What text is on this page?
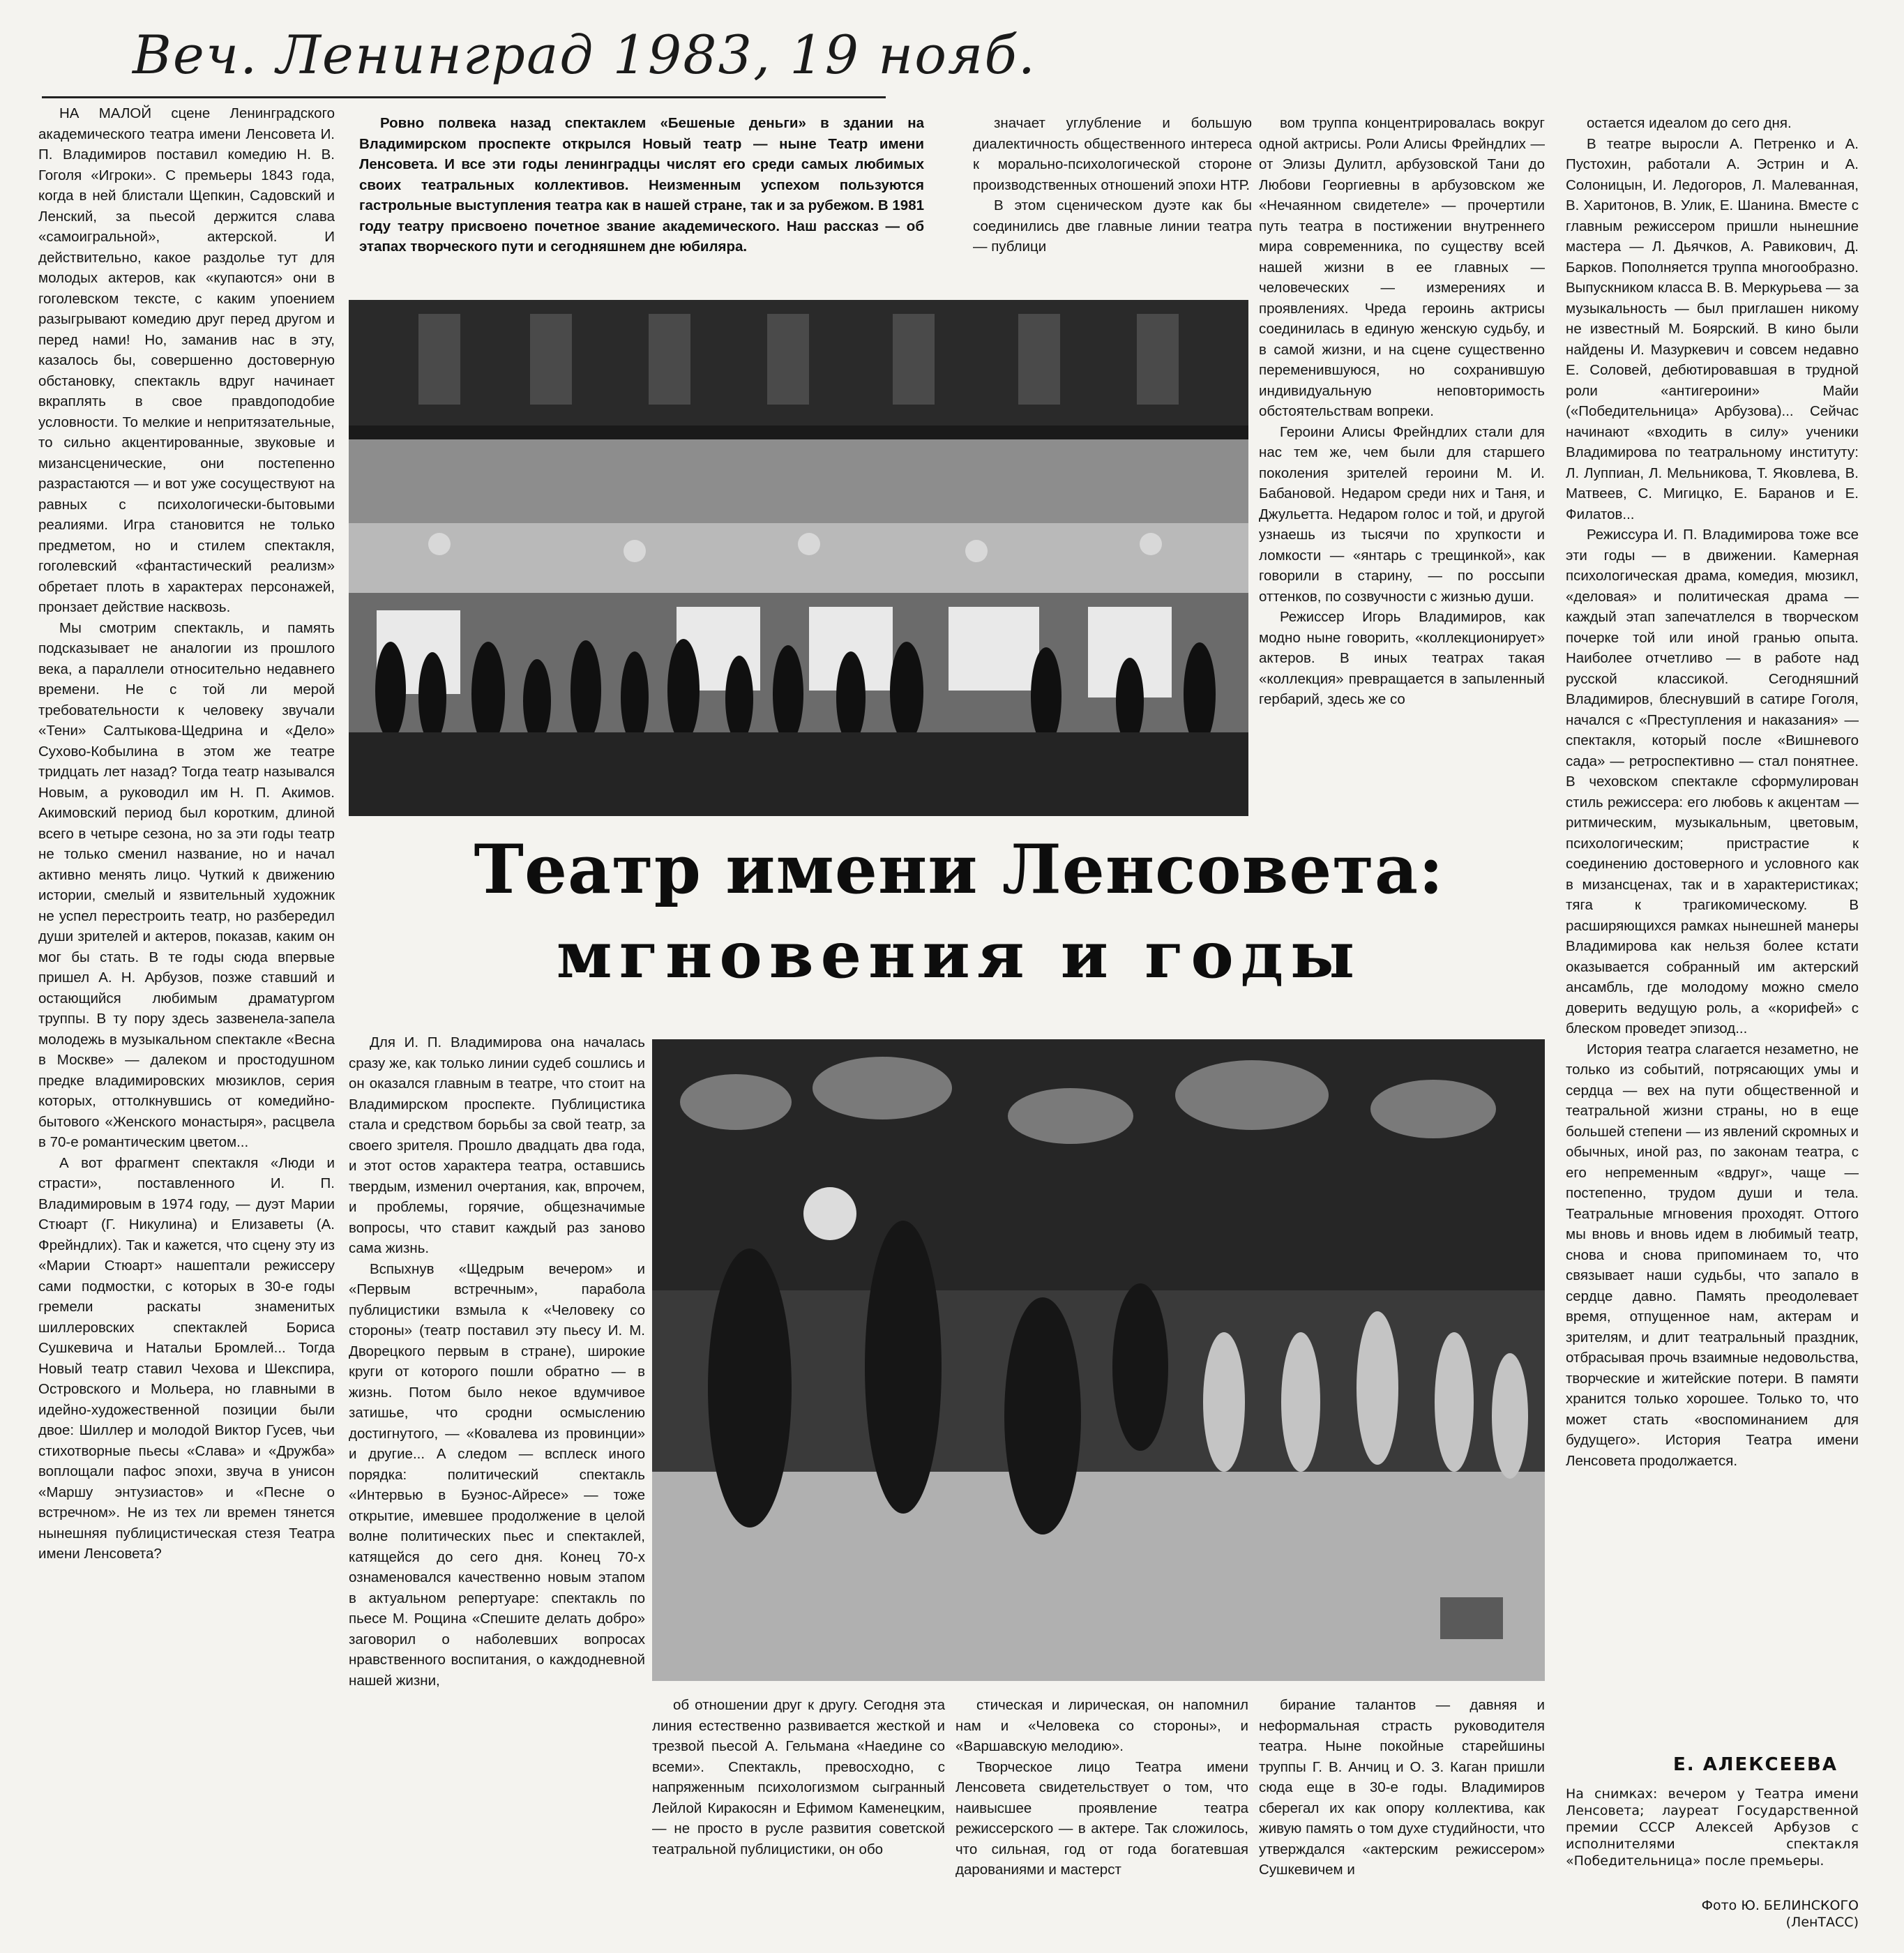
Веч. Ленинград 1983, 19 нояб.

Ровно полвека назад спектаклем «Бешеные деньги» в здании на Владимирском проспекте открылся Новый театр — ныне Театр имени Ленсовета. И все эти годы ленинградцы числят его среди самых любимых своих театральных коллективов. Неизменным успехом пользуются гастрольные выступления театра как в нашей стране, так и за рубежом. В 1981 году театру присвоено почетное звание академического. Наш рассказ — об этапах творческого пути и сегодняшнем дне юбиляра.

НА МАЛОЙ сцене Ленинградского академического театра имени Ленсовета И. П. Владимиров поставил комедию Н. В. Гоголя «Игроки». С премьеры 1843 года, когда в ней блистали Щепкин, Садовский и Ленский, за пьесой держится слава «самоигральной», актерской. И действительно, какое раздолье тут для молодых актеров, как «купаются» они в гоголевском тексте, с каким упоением разыгрывают комедию друг перед другом и перед нами! Но, заманив нас в эту, казалось бы, совершенно достоверную обстановку, спектакль вдруг начинает вкраплять в свое правдоподобие условности. То мелкие и непритязательные, то сильно акцентированные, звуковые и мизансценические, они постепенно разрастаются — и вот уже сосуществуют на равных с психологически-бытовыми реалиями. Игра становится не только предметом, но и стилем спектакля, гоголевский «фантастический реализм» обретает плоть в характерах персонажей, пронзает действие насквозь.

Мы смотрим спектакль, и память подсказывает не аналогии из прошлого века, а параллели относительно недавнего времени. Не с той ли мерой требовательности к человеку звучали «Тени» Салтыкова-Щедрина и «Дело» Сухово-Кобылина в этом же театре тридцать лет назад? Тогда театр назывался Новым, а руководил им Н. П. Акимов. Акимовский период был коротким, длиной всего в четыре сезона, но за эти годы театр не только сменил название, но и начал активно менять лицо. Чуткий к движению истории, смелый и язвительный художник не успел перестроить театр, но разбередил души зрителей и актеров, показав, каким он мог бы стать. В те годы сюда впервые пришел А. Н. Арбузов, позже ставший и остающийся любимым драматургом труппы. В ту пору здесь зазвенела-запела молодежь в музыкальном спектакле «Весна в Москве» — далеком и простодушном предке владимировских мюзиклов, серия которых, оттолкнувшись от комедийно-бытового «Женского монастыря», расцвела в 70-е романтическим цветом...

А вот фрагмент спектакля «Люди и страсти», поставленного И. П. Владимировым в 1974 году, — дуэт Марии Стюарт (Г. Никулина) и Елизаветы (А. Фрейндлих). Так и кажется, что сцену эту из «Марии Стюарт» нашептали режиссеру сами подмостки, с которых в 30-е годы гремели раскаты знаменитых шиллеровских спектаклей Бориса Сушкевича и Натальи Бромлей... Тогда Новый театр ставил Чехова и Шекспира, Островского и Мольера, но главными в идейно-художественной позиции были двое: Шиллер и молодой Виктор Гусев, чьи стихотворные пьесы «Слава» и «Дружба» воплощали пафос эпохи, звуча в унисон «Маршу энтузиастов» и «Песне о встречном». Не из тех ли времен тянется нынешняя публицистическая стезя Театра имени Ленсовета?

Для И. П. Владимирова она началась сразу же, как только линии судеб сошлись и он оказался главным в театре, что стоит на Владимирском проспекте. Публицистика стала и средством борьбы за свой театр, за своего зрителя. Прошло двадцать два года, и этот остов характера театра, оставшись твердым, изменил очертания, как, впрочем, и проблемы, горячие, общезначимые вопросы, что ставит каждый раз заново сама жизнь.

Вспыхнув «Щедрым вечером» и «Первым встречным», парабола публицистики взмыла к «Человеку со стороны» (театр поставил эту пьесу И. М. Дворецкого первым в стране), широкие круги от которого пошли обратно — в жизнь. Потом было некое вдумчивое затишье, что сродни осмыслению достигнутого, — «Ковалева из провинции» и другие... А следом — всплеск иного порядка: политический спектакль «Интервью в Буэнос-Айресе» — тоже открытие, имевшее продолжение в целой волне политических пьес и спектаклей, катящейся до сего дня. Конец 70-х ознаменовался качественно новым этапом в актуальном репертуаре: спектакль по пьесе М. Рощина «Спешите делать добро» заговорил о наболевших вопросах нравственного воспитания, о каждодневной нашей жизни,

значает углубление и большую диалектичность общественного интереса к морально-психологической стороне производственных отношений эпохи НТР.

В этом сценическом дуэте как бы соединились две главные линии театра — публици

об отношении друг к другу. Сегодня эта линия естественно развивается жесткой и трезвой пьесой А. Гельмана «Наедине со всеми». Спектакль, превосходно, с напряженным психологизмом сыгранный Лейлой Киракосян и Ефимом Каменецким, — не просто в русле развития советской театральной публицистики, он обо

стическая и лирическая, он напомнил нам и «Человека со стороны», и «Варшавскую мелодию».

Творческое лицо Театра имени Ленсовета свидетельствует о том, что наивысшее проявление театра режиссерского — в актере. Так сложилось, что сильная, год от года богатевшая дарованиями и мастерст

вом труппа концентрировалась вокруг одной актрисы. Роли Алисы Фрейндлих — от Элизы Дулитл, арбузовской Тани до Любови Георгиевны в арбузовском же «Нечаянном свидетеле» — прочертили путь театра в постижении внутреннего мира современника, по существу всей нашей жизни в ее главных — человеческих — измерениях и проявлениях. Чреда героинь актрисы соединилась в единую женскую судьбу, и в самой жизни, и на сцене существенно переменившуюся, но сохранившую индивидуальную неповторимость обстоятельствам вопреки.

Героини Алисы Фрейндлих стали для нас тем же, чем были для старшего поколения зрителей героини М. И. Бабановой. Недаром среди них и Таня, и Джульетта. Недаром голос и той, и другой узнаешь из тысячи по хрупкости и ломкости — «янтарь с трещинкой», как говорили в старину, — по россыпи оттенков, по созвучности с жизнью души.

Режиссер Игорь Владимиров, как модно ныне говорить, «коллекционирует» актеров. В иных театрах такая «коллекция» превращается в запыленный гербарий, здесь же со

бирание талантов — давняя и неформальная страсть руководителя театра. Ныне покойные старейшины труппы Г. В. Анчиц и О. З. Каган пришли сюда еще в 30-е годы. Владимиров сберегал их как опору коллектива, как живую память о том духе студийности, что утверждался «актерским режиссером» Сушкевичем и

остается идеалом до сего дня.

В театре выросли А. Петренко и А. Пустохин, работали А. Эстрин и А. Солоницын, И. Ледогоров, Л. Малеванная, В. Харитонов, В. Улик, Е. Шанина. Вместе с главным режиссером пришли нынешние мастера — Л. Дьячков, А. Равикович, Д. Барков. Пополняется труппа многообразно. Выпускником класса В. В. Меркурьева — за музыкальность — был приглашен никому не известный М. Боярский. В кино были найдены И. Мазуркевич и совсем недавно Е. Соловей, дебютировавшая в трудной роли «антигероини» Майи («Победительница» Арбузова)... Сейчас начинают «входить в силу» ученики Владимирова по театральному институту: Л. Луппиан, Л. Мельникова, Т. Яковлева, В. Матвеев, С. Мигицко, Е. Баранов и Е. Филатов...

Режиссура И. П. Владимирова тоже все эти годы — в движении. Камерная психологическая драма, комедия, мюзикл, «деловая» и политическая драма — каждый этап запечатлелся в творческом почерке той или иной гранью опыта. Наиболее отчетливо — в работе над русской классикой. Сегодняшний Владимиров, блеснувший в сатире Гоголя, начался с «Преступления и наказания» — спектакля, который после «Вишневого сада» — ретроспективно — стал понятнее. В чеховском спектакле сформулирован стиль режиссера: его любовь к акцентам — ритмическим, музыкальным, цветовым, психологическим; пристрастие к соединению достоверного и условного как в мизансценах, так и в характеристиках; тяга к трагикомическому. В расширяющихся рамках нынешней манеры Владимирова как нельзя более кстати оказывается собранный им актерский ансамбль, где молодому можно смело доверить ведущую роль, а «корифей» с блеском проведет эпизод...

История театра слагается незаметно, не только из событий, потрясающих умы и сердца — вех на пути общественной и театральной жизни страны, но в еще большей степени — из явлений скромных и обычных, иной раз, по законам театра, с его непременным «вдруг», чаще — постепенно, трудом души и тела. Театральные мгновения проходят. Оттого мы вновь и вновь идем в любимый театр, снова и снова припоминаем то, что связывает наши судьбы, что запало в сердце давно. Память преодолевает время, отпущенное нам, актерам и зрителям, и длит театральный праздник, отбрасывая прочь взаимные недовольства, творческие и житейские потери. В памяти хранится только хорошее. Только то, что может стать «воспоминанием для будущего». История Театра имени Ленсовета продолжается.

Е. АЛЕКСЕЕВА
На снимках: вечером у Театра имени Ленсовета; лауреат Государственной премии СССР Алексей Арбузов с исполнителями спектакля «Победительница» после премьеры.
Фото Ю. БЕЛИНСКОГО
(ЛенТАСС)
Театр имени Ленсовета:
мгновения и годы
